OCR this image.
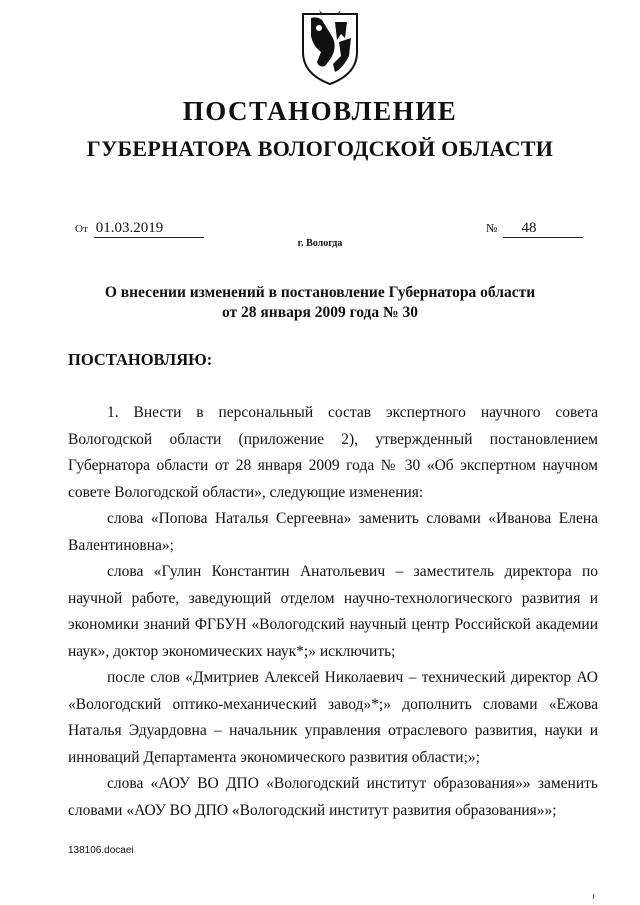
ПОСТАНОВЛЕНИЕ
ГУБЕРНАТОРА ВОЛОГОДСКОЙ ОБЛАСТИ
От 01.03.2019	№ 48
г. Вологда
О внесении изменений в постановление Губернатора области
от 28 января 2009 года № 30
ПОСТАНОВЛЯЮ:

1. Внести в персональный состав экспертного научного совета Вологодской области (приложение 2), утвержденный постановлением Губернатора области от 28 января 2009 года № 30 «Об экспертном научном совете Вологодской области», следующие изменения:

слова «Попова Наталья Сергеевна» заменить словами «Иванова Елена Валентиновна»;

слова «Гулин Константин Анатольевич – заместитель директора по научной работе, заведующий отделом научно-технологического развития и экономики знаний ФГБУН «Вологодский научный центр Российской академии наук», доктор экономических наук*;» исключить;

после слов «Дмитриев Алексей Николаевич – технический директор АО «Вологодский оптико-механический завод»*;» дополнить словами «Ежова Наталья Эдуардовна – начальник управления отраслевого развития, науки и инноваций Департамента экономического развития области;»;

слова «АОУ ВО ДПО «Вологодский институт образования»» заменить словами «АОУ ВО ДПО «Вологодский институт развития образования»»;

138106.docaei
